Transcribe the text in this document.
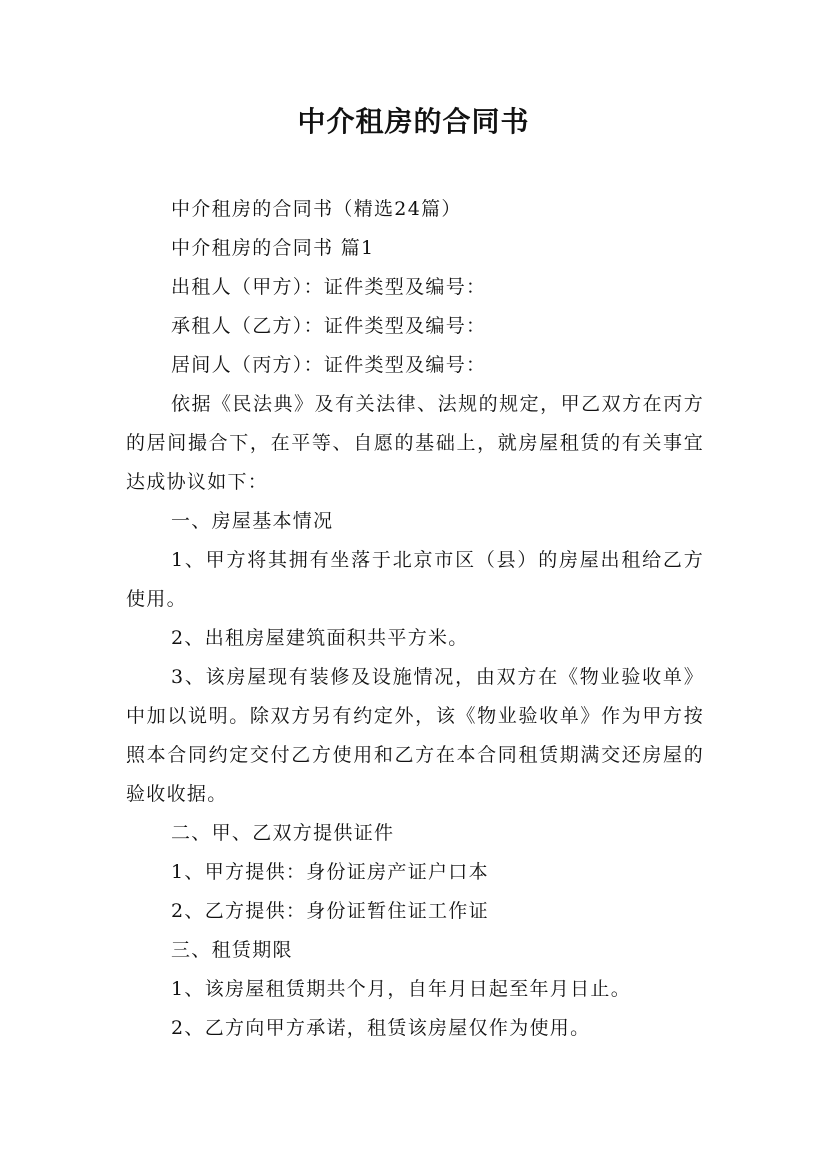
中介租房的合同书

中介租房的合同书（精选24篇）

中介租房的合同书 篇1

出租人（甲方）：证件类型及编号：

承租人（乙方）：证件类型及编号：

居间人（丙方）：证件类型及编号：

依据《民法典》及有关法律、法规的规定，甲乙双方在丙方的居间撮合下，在平等、自愿的基础上，就房屋租赁的有关事宜达成协议如下：

一、房屋基本情况

1、甲方将其拥有坐落于北京市区（县）的房屋出租给乙方使用。

2、出租房屋建筑面积共平方米。

3、该房屋现有装修及设施情况，由双方在《物业验收单》中加以说明。除双方另有约定外，该《物业验收单》作为甲方按照本合同约定交付乙方使用和乙方在本合同租赁期满交还房屋的验收收据。

二、甲、乙双方提供证件

1、甲方提供：身份证房产证户口本

2、乙方提供：身份证暂住证工作证

三、租赁期限

1、该房屋租赁期共个月，自年月日起至年月日止。

2、乙方向甲方承诺，租赁该房屋仅作为使用。
